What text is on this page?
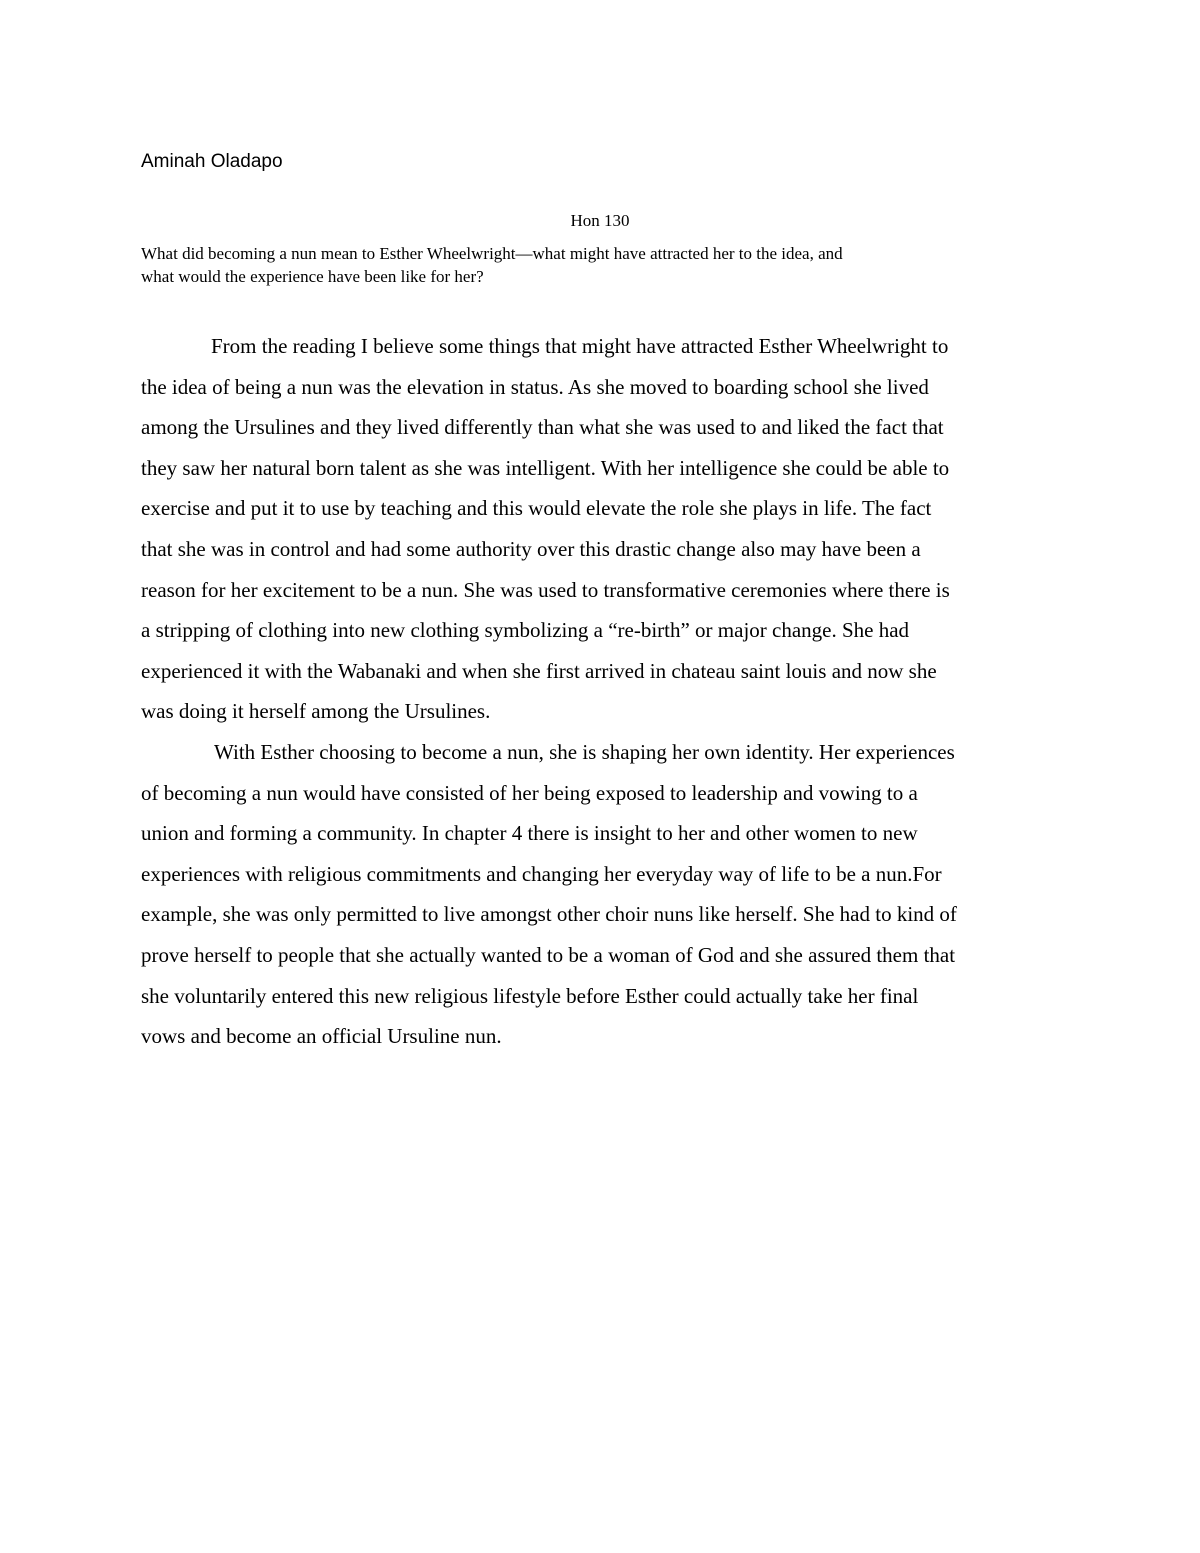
Aminah Oladapo
Hon 130
What did becoming a nun mean to Esther Wheelwright—what might have attracted her to the idea, and
what would the experience have been like for her?
From the reading I believe some things that might have attracted Esther Wheelwright to
the idea of being a nun was the elevation in status. As she moved to boarding school she lived
among the Ursulines and they lived differently than what she was used to and liked the fact that
they saw her natural born talent as she was intelligent. With her intelligence she could be able to
exercise and put it to use by teaching and this would elevate the role she plays in life. The fact
that she was in control and had some authority over this drastic change also may have been a
reason for her excitement to be a nun. She was used to transformative ceremonies where there is
a stripping of clothing into new clothing symbolizing a “re-birth” or major change. She had
experienced it with the Wabanaki and when she first arrived in chateau saint louis and now she
was doing it herself among the Ursulines.
With Esther choosing to become a nun, she is shaping her own identity. Her experiences
of becoming a nun would have consisted of her being exposed to leadership and vowing to a
union and forming a community. In chapter 4 there is insight to her and other women to new
experiences with religious commitments and changing her everyday way of life to be a nun.For
example, she was only permitted to live amongst other choir nuns like herself. She had to kind of
prove herself to people that she actually wanted to be a woman of God and she assured them that
she voluntarily entered this new religious lifestyle before Esther could actually take her final
vows and become an official Ursuline nun.
